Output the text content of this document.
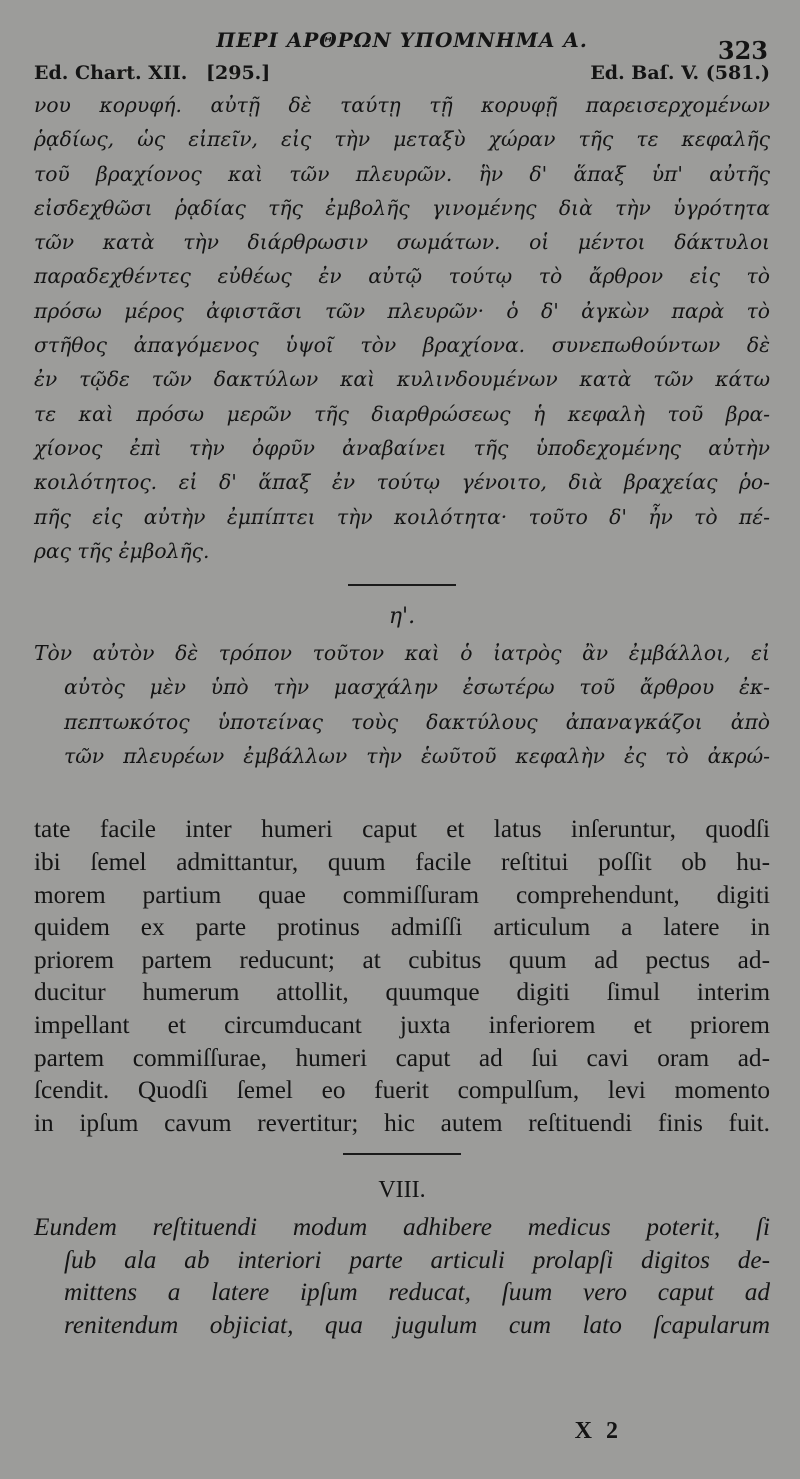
ΠΕΡΙ ΑΡΘΡΩΝ ΥΠΟΜΝΗΜΑ Α.	323
Ed. Chart. XII. [295.]	Ed. Baſ. V. (581.)
νου κορυφή. αὐτῇ δὲ ταύτῃ τῇ κορυφῇ παρεισερχομένων
ῥᾳδίως, ὡς εἰπεῖν, εἰς τὴν μεταξὺ χώραν τῆς τε κεφαλῆς
τοῦ βραχίονος καὶ τῶν πλευρῶν. ἣν δ' ἅπαξ ὑπ' αὐτῆς
εἰσδεχθῶσι ῥᾳδίας τῆς ἐμβολῆς γινομένης διὰ τὴν ὑγρότητα
τῶν κατὰ τὴν διάρθρωσιν σωμάτων. οἱ μέντοι δάκτυλοι
παραδεχθέντες εὐθέως ἐν αὐτῷ τούτῳ τὸ ἄρθρον εἰς τὸ
πρόσω μέρος ἀφιστᾶσι τῶν πλευρῶν· ὁ δ' ἀγκὼν παρὰ τὸ
στῆθος ἀπαγόμενος ὑψοῖ τὸν βραχίονα. συνεπωθούντων δὲ
ἐν τῷδε τῶν δακτύλων καὶ κυλινδουμένων κατὰ τῶν κάτω
τε καὶ πρόσω μερῶν τῆς διαρθρώσεως ἡ κεφαλὴ τοῦ βρα-
χίονος ἐπὶ τὴν ὀφρῦν ἀναβαίνει τῆς ὑποδεχομένης αὐτὴν
κοιλότητος. εἰ δ' ἅπαξ ἐν τούτῳ γένοιτο, διὰ βραχείας ῥο-
πῆς εἰς αὐτὴν ἐμπίπτει τὴν κοιλότητα· τοῦτο δ' ἦν τὸ πέ-
ρας τῆς ἐμβολῆς.
η'.
Τὸν αὐτὸν δὲ τρόπον τοῦτον καὶ ὁ ἰατρὸς ἂν ἐμβάλλοι, εἰ
αὐτὸς μὲν ὑπὸ τὴν μασχάλην ἐσωτέρω τοῦ ἄρθρου ἐκ-
πεπτωκότος ὑποτείνας τοὺς δακτύλους ἀπαναγκάζοι ἀπὸ
τῶν πλευρέων ἐμβάλλων τὴν ἑωῦτοῦ κεφαλὴν ἐς τὸ ἀκρώ-
tate facile inter humeri caput et latus inſeruntur, quodſi
ibi ſemel admittantur, quum facile reſtitui poſſit ob hu-
morem partium quae commiſſuram comprehendunt, digiti
quidem ex parte protinus admiſſi articulum a latere in
priorem partem reducunt; at cubitus quum ad pectus ad-
ducitur humerum attollit, quumque digiti ſimul interim
impellant et circumducant juxta inferiorem et priorem
partem commiſſurae, humeri caput ad ſui cavi oram ad-
ſcendit. Quodſi ſemel eo fuerit compulſum, levi momento
in ipſum cavum revertitur; hic autem reſtituendi finis fuit.
VIII.
Eundem reſtituendi modum adhibere medicus poterit, ſi
ſub ala ab interiori parte articuli prolapſi digitos de-
mittens a latere ipſum reducat, ſuum vero caput ad
renitendum objiciat, qua jugulum cum lato ſcapularum
X 2
